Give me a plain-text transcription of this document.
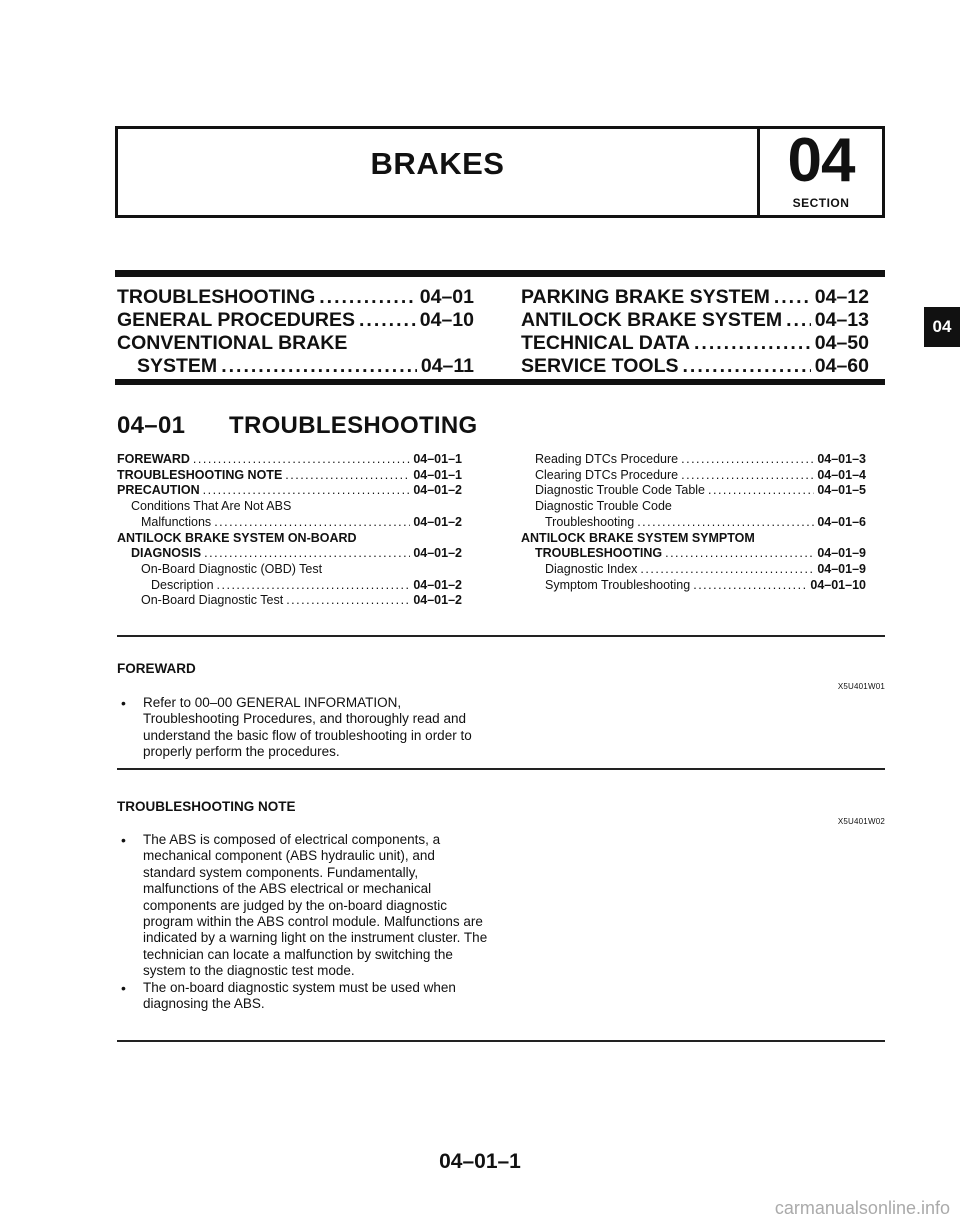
BRAKES	04
SECTION
TROUBLESHOOTING .....	04–01
GENERAL PROCEDURES .....	04–10
CONVENTIONAL BRAKE
SYSTEM .....	04–11
PARKING BRAKE SYSTEM ..... 04–12
ANTILOCK BRAKE SYSTEM ..... 04–13
TECHNICAL DATA .....	04–50
SERVICE TOOLS .....	04–60
04
04–01 TROUBLESHOOTING
FOREWARD .....	04–01–1
TROUBLESHOOTING NOTE .....	04–01–1
PRECAUTION .....	04–01–2
Conditions That Are Not ABS
Malfunctions .....	04–01–2
ANTILOCK BRAKE SYSTEM ON-BOARD
DIAGNOSIS .....	04–01–2
On-Board Diagnostic (OBD) Test
Description .....	04–01–2
On-Board Diagnostic Test .....	04–01–2
Reading DTCs Procedure .....	04–01–3
Clearing DTCs Procedure .....	04–01–4
Diagnostic Trouble Code Table .....	04–01–5
Diagnostic Trouble Code
Troubleshooting .....	04–01–6
ANTILOCK BRAKE SYSTEM SYMPTOM
TROUBLESHOOTING .....	04–01–9
Diagnostic Index .....	04–01–9
Symptom Troubleshooting .....	04–01–10
FOREWARD
X5U401W01
• Refer to 00–00 GENERAL INFORMATION, Troubleshooting Procedures, and thoroughly read and understand the basic flow of troubleshooting in order to properly perform the procedures.
TROUBLESHOOTING NOTE
X5U401W02
• The ABS is composed of electrical components, a mechanical component (ABS hydraulic unit), and standard system components. Fundamentally, malfunctions of the ABS electrical or mechanical components are judged by the on-board diagnostic program within the ABS control module. Malfunctions are indicated by a warning light on the instrument cluster. The technician can locate a malfunction by switching the system to the diagnostic test mode.
• The on-board diagnostic system must be used when diagnosing the ABS.
04–01–1
carmanualsonline.info
